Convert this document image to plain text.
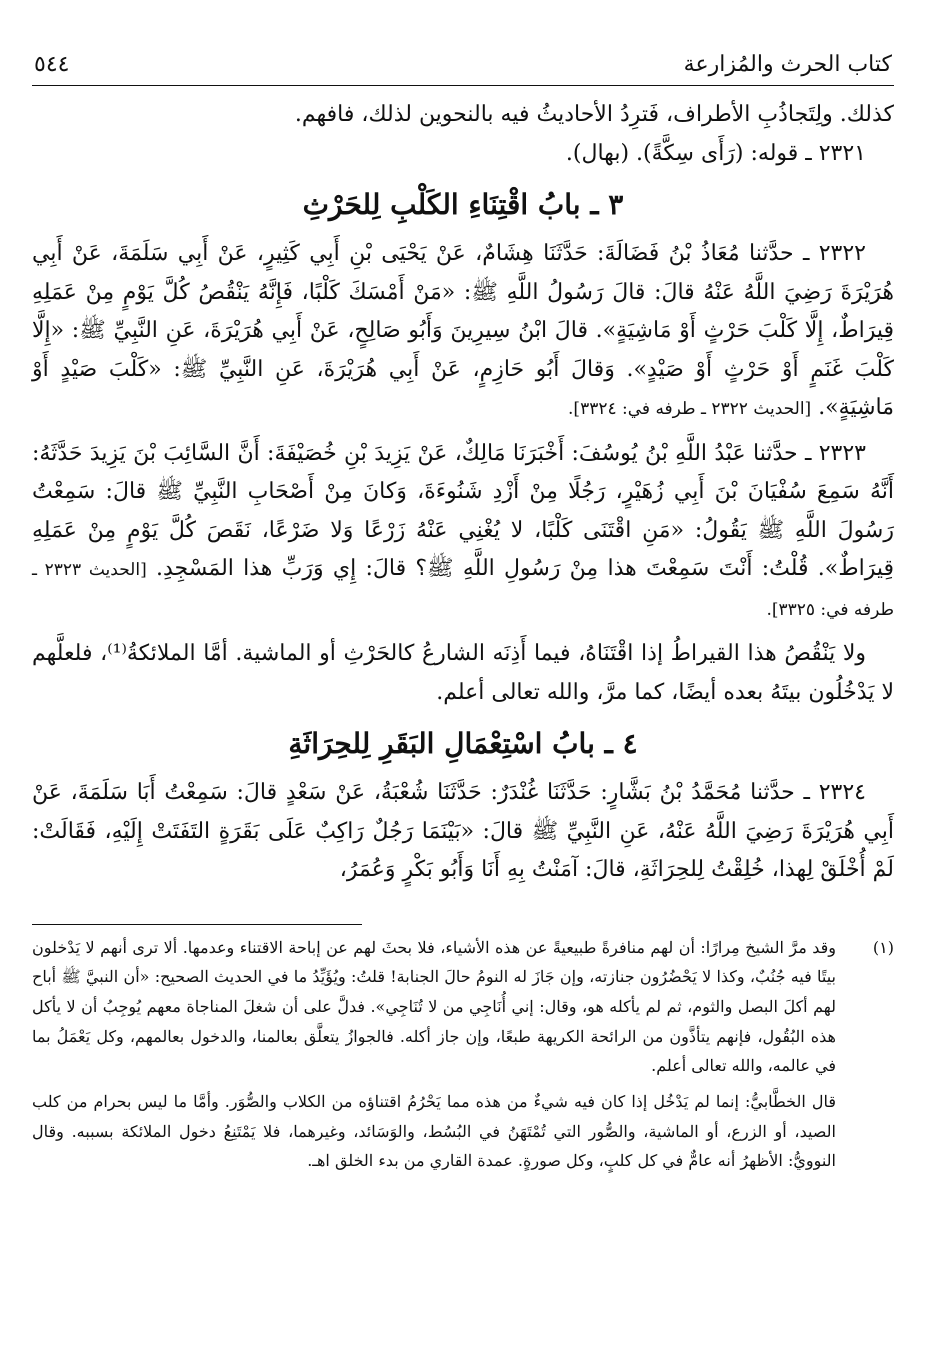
كتاب الحرث والمُزارعة
٥٤٤

كذلك. ولِتَجاذُبِ الأطراف، فَترِدُ الأحاديثُ فيه بالنحوين لذلك، فافهم.

٢٣٢١ ـ قوله: (رَأَى سِكَّةً). (بهال).

٣ ـ بابُ اقْتِنَاءِ الكَلْبِ لِلحَرْثِ

٢٣٢٢ ـ حدَّثنا مُعَاذُ بْنُ فَضَالَةَ: حَدَّثَنَا هِشَامٌ، عَنْ يَحْيَى بْنِ أَبِي كَثِيرٍ، عَنْ أَبِي سَلَمَةَ، عَنْ أَبِي هُرَيْرَةَ رَضِيَ اللَّهُ عَنْهُ قالَ: قالَ رَسُولُ اللَّهِ ﷺ: «مَنْ أَمْسَكَ كَلْبًا، فَإِنَّهُ يَنْقُصُ كُلَّ يَوْمٍ مِنْ عَمَلِهِ قِيرَاطٌ، إِلَّا كَلْبَ حَرْثٍ أَوْ مَاشِيَةٍ». قالَ ابْنُ سِيرِينَ وَأَبُو صَالِحٍ، عَنْ أَبِي هُرَيْرَةَ، عَنِ النَّبِيِّ ﷺ: «إِلَّا كَلْبَ غَنَمٍ أَوْ حَرْثٍ أَوْ صَيْدٍ». وَقالَ أَبُو حَازِمٍ، عَنْ أَبِي هُرَيْرَةَ، عَنِ النَّبِيِّ ﷺ: «كَلْبَ صَيْدٍ أَوْ مَاشِيَةٍ». [الحديث ٢٣٢٢ ـ طرفه في: ٣٣٢٤].

٢٣٢٣ ـ حدَّثنا عَبْدُ اللَّهِ بْنُ يُوسُفَ: أَخْبَرَنَا مَالِكٌ، عَنْ يَزِيدَ بْنِ خُصَيْفَةَ: أَنَّ السَّائِبَ بْنَ يَزِيدَ حَدَّثَهُ: أَنَّهُ سَمِعَ سُفْيَانَ بْنَ أَبِي زُهَيْرٍ، رَجُلًا مِنْ أَزْدِ شَنُوءَةَ، وَكانَ مِنْ أَصْحَابِ النَّبِيِّ ﷺ قالَ: سَمِعْتُ رَسُولَ اللَّهِ ﷺ يَقُولُ: «مَنِ اقْتَنَى كَلْبًا، لا يُغْنِي عَنْهُ زَرْعًا وَلا ضَرْعًا، نَقَصَ كُلَّ يَوْمٍ مِنْ عَمَلِهِ قِيرَاطٌ». قُلْتُ: أَنْتَ سَمِعْتَ هذا مِنْ رَسُولِ اللَّهِ ﷺ؟ قالَ: إِي وَرَبِّ هذا المَسْجِدِ. [الحديث ٢٣٢٣ ـ طرفه في: ٣٣٢٥].

ولا يَنْقُصُ هذا القيراطُ إذا اقْتَنَاهُ، فيما أَذِنَه الشارعُ كالحَرْثِ أو الماشية. أمَّا الملائكةُ⁽¹⁾، فلعلَّهم لا يَدْخُلُون بيتَهُ بعده أيضًا، كما مرَّ، والله تعالى أعلم.

٤ ـ بابُ اسْتِعْمَالِ البَقَرِ لِلحِرَاثَةِ

٢٣٢٤ ـ حدَّثنا مُحَمَّدُ بْنُ بَشَّارٍ: حَدَّثَنَا غُنْدَرٌ: حَدَّثَنَا شُعْبَةُ، عَنْ سَعْدٍ قالَ: سَمِعْتُ أَبَا سَلَمَةَ، عَنْ أَبِي هُرَيْرَةَ رَضِيَ اللَّهُ عَنْهُ، عَنِ النَّبِيِّ ﷺ قالَ: «بَيْنَمَا رَجُلٌ رَاكِبٌ عَلَى بَقَرَةٍ التَفَتَتْ إِلَيْهِ، فَقَالَتْ: لَمْ أُخْلَقْ لِهذا، خُلِقْتُ لِلحِرَاثَةِ، قالَ: آمَنْتُ بِهِ أَنَا وَأَبُو بَكْرٍ وَعُمَرُ،

(١)

وقد مرَّ الشيخ مِرارًا: أن لهم منافرةً طبيعيةً عن هذه الأشياء، فلا بحثَ لهم عن إباحة الاقتناء وعدمها. ألا ترى أنهم لا يَدْخلون بيتًا فيه جُنُبٌ، وكذا لا يَحْضُرُون جنازته، وإن جَازَ له النومُ حالَ الجنابة! قلتُ: ويُؤَيِّدُ ما في الحديث الصحيح: «أن النبيَّ ﷺ أباح لهم أكلَ البصل والثوم، ثم لم يأكله هو، وقال: إني أُنَاجِي من لا تُنَاجِي». فدلَّ على أن شغلَ المناجاة معهم يُوجِبُ أن لا يأكل هذه البُقُول، فإنهم يتأذَّون من الرائحة الكريهة طبعًا، وإن جاز أكله. فالجوازُ يتعلَّق بعالمنا، والدخول بعالمهم، وكل يَعْمَلُ بما في عالمه، والله تعالى أعلم.

قال الخطَّابيُّ: إنما لم يَدْخُل إذا كان فيه شيءٌ من هذه مما يَحْرُمُ اقتناؤه من الكلاب والصُّوَر. وأمَّا ما ليس بحرام من كلب الصيد، أو الزرع، أو الماشية، والصُّور التي تُمْتَهَنُ في البُسُط، والوَسَائد، وغيرهما، فلا يَمْتَنِعُ دخول الملائكة بسببه. وقال النوويُّ: الأظهرُ أنه عامٌّ في كل كلبٍ، وكل صورةٍ. عمدة القاري من بدء الخلق اهـ.
